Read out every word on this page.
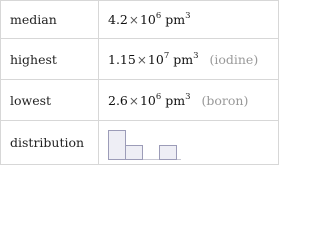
median	$4.2\times 10^6$ $pm^3$
highest	$1.15\times 10^7$ $pm^3$ (iodine)
lowest	$2.6\times 10^6$ $pm^3$ (boron)
distribution	
